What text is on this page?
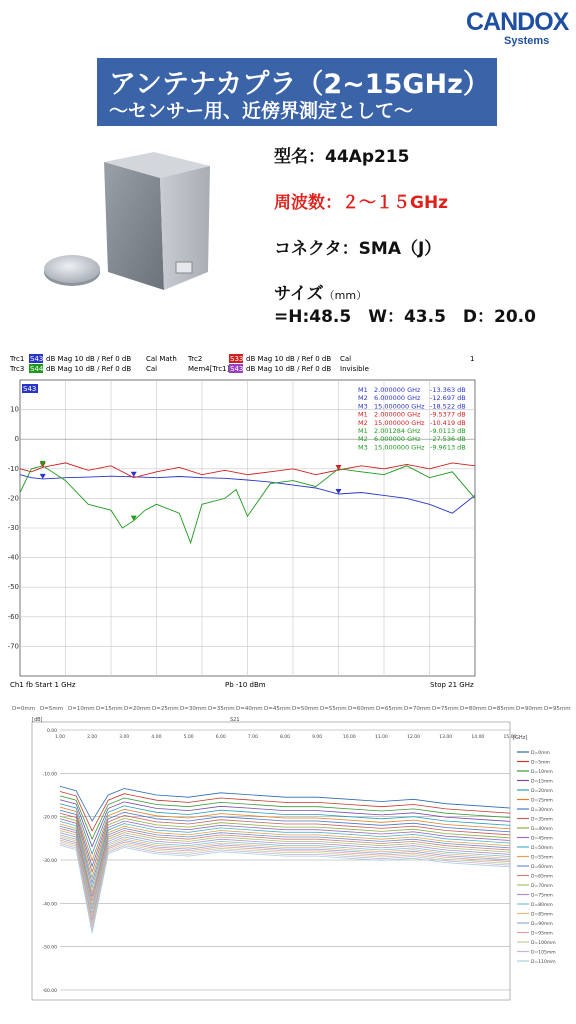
CANDOX
Systems
アンテナカプラ（2~15GHz）
～センサー用、近傍界測定として～
型名：44Ap215
周波数：２～１５GHz
コネクタ：SMA（J）
サイズ（mm）
=H:48.5　W：43.5　D：20.0
Trc1 S43 dB Mag 10 dB / Ref 0 dB Cal Math
Trc3 S44 dB Mag 10 dB / Ref 0 dB Cal
Trc2	S33 dB Mag 10 dB / Ref 0 dB Cal
Mem4[Trc1] S43 dB Mag 10 dB / Ref 0 dB Invisible
1
S43
10
0
-10
-20
-30
-40
-50
-60
-70
M1 2.000000 GHz -13.363 dB
M2 6.000000 GHz -12.697 dB
M3 15.000000 GHz -18.522 dB
M1 2.000000 GHz -9.5377 dB
M2 15.000000 GHz -10.419 dB
M1 2.001284 GHz -9.0113 dB
M2 6.000000 GHz -27.536 dB
M3 15.000000 GHz -9.9613 dB
Ch1 fb Start 1 GHz	Pb -10 dBm	Stop 21 GHz
D=0mm D=5mm D=10mm D=15mm D=20mm D=25mm D=30mm D=35mm D=40mm D=45mm D=50mm D=55mm D=60mm D=65mm D=70mm D=75mm D=80mm D=85mm D=90mm D=95mm
[dB]	S21
[GHz]
1.00	2.00	3.00	4.00	5.00	6.00	7.00	8.00	9.00	10.00	11.00	12.00	13.00	14.00	15.00
0.00
-10.00
-20.00
-30.00
-40.00
-50.00
-60.00
D=0mm
D=5mm
D=10mm
D=15mm
D=20mm
D=25mm
D=30mm
D=35mm
D=40mm
D=45mm
D=50mm
D=55mm
D=60mm
D=65mm
D=70mm
D=75mm
D=80mm
D=85mm
D=90mm
D=95mm
D=100mm
D=105mm
D=110mm
